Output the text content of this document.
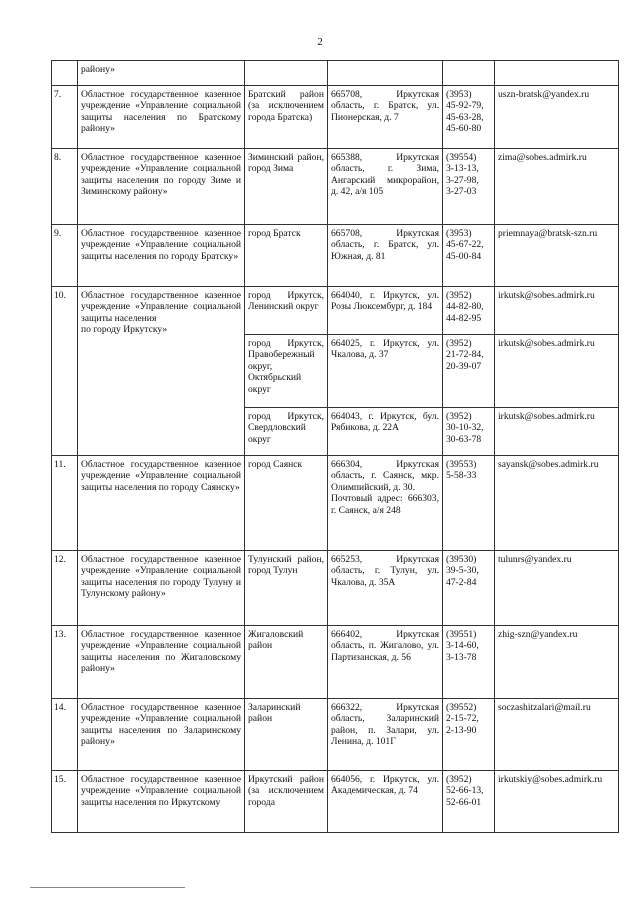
2
	району»			

7.	Областное государственное казенное учреждение «Управление социальной защиты населения по Братскому району»	Братский район (за исключением города Братска)	665708, Иркутская область, г. Братск, ул. Пионерская, д. 7	(3953)
45-92-79,
45-63-28,
45-60-80	uszn-bratsk@yandex.ru
8.	Областное государственное казенное учреждение «Управление социальной защиты населения по городу Зиме и Зиминскому району»	Зиминский район, город Зима	665388, Иркутская область, г. Зима, Ангарский микрорайон, д. 42, а/я 105	(39554)
3-13-13,
3-27-98,
3-27-03	zima@sobes.admirk.ru
9.	Областное государственное казенное учреждение «Управление социальной защиты населения по городу Братску»	город Братск	665708, Иркутская область, г. Братск, ул. Южная, д. 81	(3953)
45-67-22,
45-00-84	priemnaya@bratsk-szn.ru
10.	Областное государственное казенное учреждение «Управление социальной защиты населения
по городу Иркутску»	город Иркутск, Ленинский округ	664040, г. Иркутск, ул. Розы Люксембург, д. 184	(3952)
44-82-80,
44-82-95	irkutsk@sobes.admirk.ru
		город Иркутск, Правобережный округ, Октябрьский округ	664025, г. Иркутск, ул. Чкалова, д. 37	(3952)
21-72-84,
20-39-07	irkutsk@sobes.admirk.ru
		город Иркутск, Свердловский округ	664043, г. Иркутск, бул. Рябикова, д. 22А	(3952)
30-10-32,
30-63-78	irkutsk@sobes.admirk.ru
11.	Областное государственное казенное учреждение «Управление социальной защиты населения по городу Саянску»	город Саянск	666304, Иркутская область, г. Саянск, мкр. Олимпийский, д. 30.
Почтовый адрес: 666303, г. Саянск, а/я 248	(39553)
5-58-33	sayansk@sobes.admirk.ru
12.	Областное государственное казенное учреждение «Управление социальной защиты населения по городу Тулуну и Тулунскому району»	Тулунский район, город Тулун	665253, Иркутская область, г. Тулун, ул. Чкалова, д. 35А	(39530)
39-5-30,
47-2-84	tulunrs@yandex.ru
13.	Областное государственное казенное учреждение «Управление социальной защиты населения по Жигаловскому району»	Жигаловский район	666402, Иркутская область, п. Жигалово, ул. Партизанская, д. 56	(39551)
3-14-60,
3-13-78	zhig-szn@yandex.ru
14.	Областное государственное казенное учреждение «Управление социальной защиты населения по Заларинскому району»	Заларинский район	666322, Иркутская область, Заларинский район, п. Залари, ул. Ленина, д. 101Г	(39552)
2-15-72,
2-13-90	soczashitzalari@mail.ru
15.	Областное государственное казенное учреждение «Управление социальной защиты населения по Иркутскому	Иркутский район (за исключением города	664056, г. Иркутск, ул. Академическая, д. 74	(3952)
52-66-13,
52-66-01	irkutskiy@sobes.admirk.ru
